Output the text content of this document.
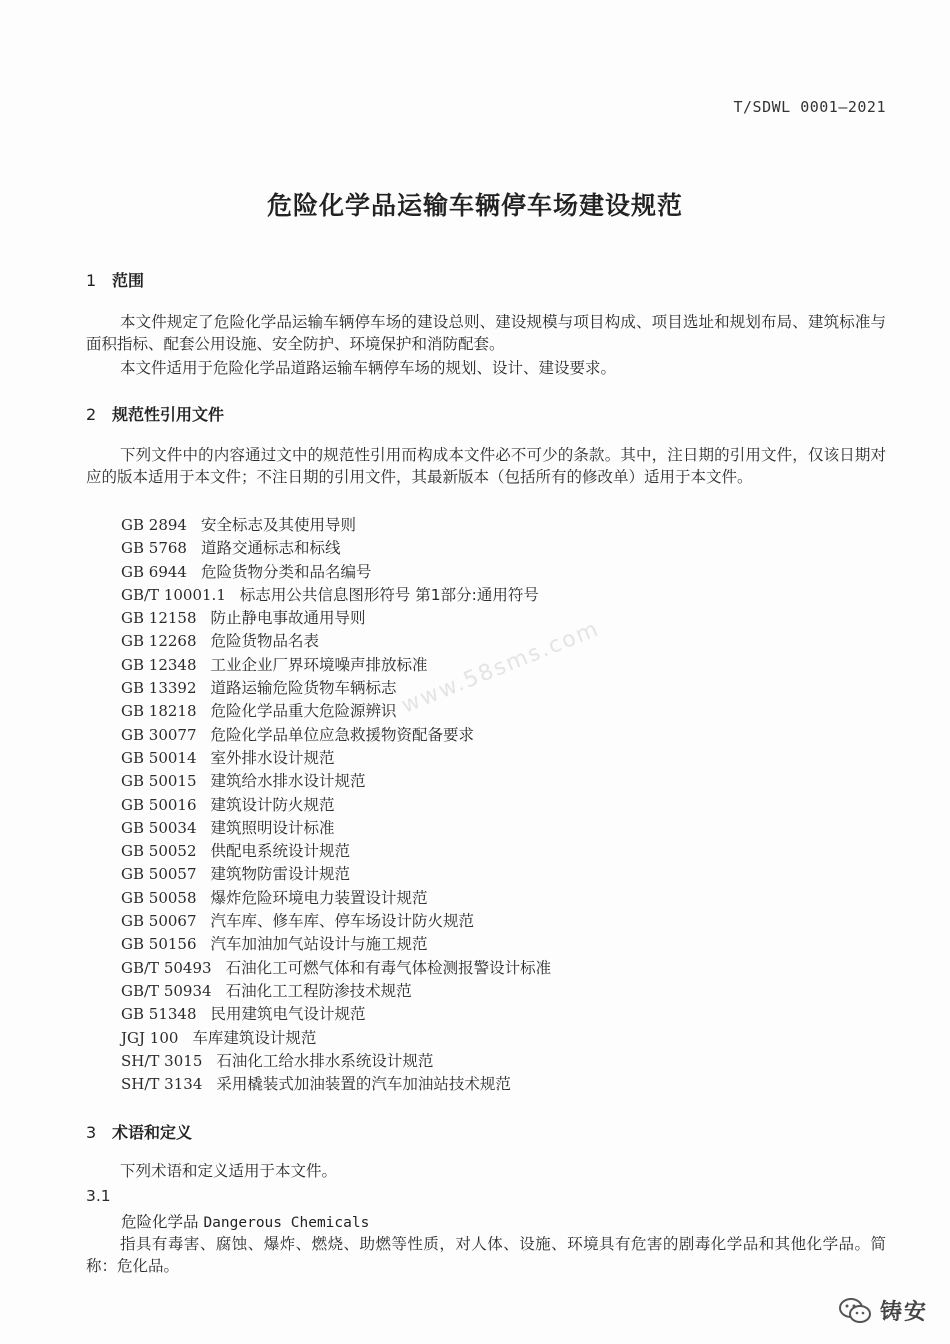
T/SDWL 0001—2021
危险化学品运输车辆停车场建设规范
1 范围
本文件规定了危险化学品运输车辆停车场的建设总则、建设规模与项目构成、项目选址和规划布局、建筑标准与面积指标、配套公用设施、安全防护、环境保护和消防配套。
本文件适用于危险化学品道路运输车辆停车场的规划、设计、建设要求。
2 规范性引用文件
下列文件中的内容通过文中的规范性引用而构成本文件必不可少的条款。其中，注日期的引用文件，仅该日期对应的版本适用于本文件；不注日期的引用文件，其最新版本（包括所有的修改单）适用于本文件。
GB 2894 安全标志及其使用导则
GB 5768 道路交通标志和标线
GB 6944 危险货物分类和品名编号
GB/T 10001.1 标志用公共信息图形符号 第1部分:通用符号
GB 12158 防止静电事故通用导则
GB 12268 危险货物品名表
GB 12348 工业企业厂界环境噪声排放标准
GB 13392 道路运输危险货物车辆标志
GB 18218 危险化学品重大危险源辨识
GB 30077 危险化学品单位应急救援物资配备要求
GB 50014 室外排水设计规范
GB 50015 建筑给水排水设计规范
GB 50016 建筑设计防火规范
GB 50034 建筑照明设计标准
GB 50052 供配电系统设计规范
GB 50057 建筑物防雷设计规范
GB 50058 爆炸危险环境电力装置设计规范
GB 50067 汽车库、修车库、停车场设计防火规范
GB 50156 汽车加油加气站设计与施工规范
GB/T 50493 石油化工可燃气体和有毒气体检测报警设计标准
GB/T 50934 石油化工工程防渗技术规范
GB 51348 民用建筑电气设计规范
JGJ 100 车库建筑设计规范
SH/T 3015 石油化工给水排水系统设计规范
SH/T 3134 采用橇装式加油装置的汽车加油站技术规范
3 术语和定义
下列术语和定义适用于本文件。
3.1
危险化学品 Dangerous Chemicals
指具有毒害、腐蚀、爆炸、燃烧、助燃等性质，对人体、设施、环境具有危害的剧毒化学品和其他化学品。简称：危化品。
www.58sms.com
铸安
